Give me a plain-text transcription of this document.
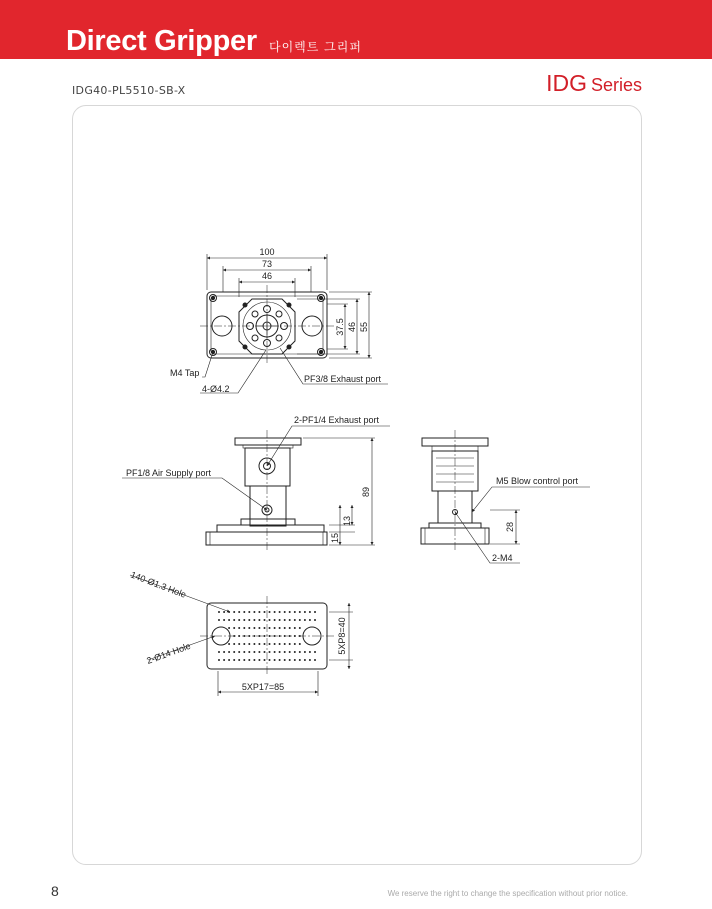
Direct Gripper 다이렉트 그리퍼
IDG40-PL5510-SB-X	IDG Series
100
73
46
37.5 46 55
M4 Tap
4-Ø4.2
PF3/8 Exhaust port
2-PF1/4 Exhaust port
PF1/8 Air Supply port
89
13
15
M5 Blow control port
2-M4
28
140-Ø1.3 Hole
2-Ø14 Hole	5XP8=40
5XP17=85
8	We reserve the right to change the specification without prior notice.
